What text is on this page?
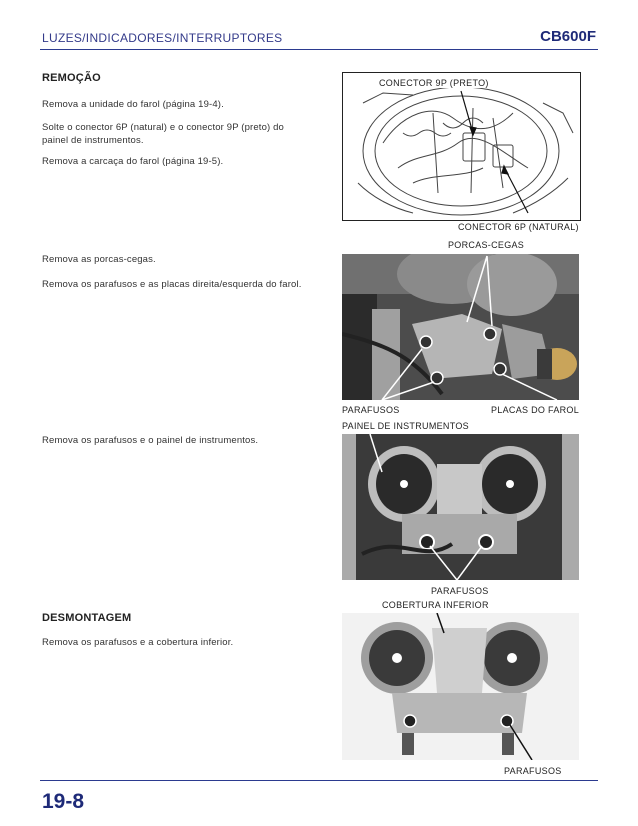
LUZES/INDICADORES/INTERRUPTORES	CB600F
REMOÇÃO
Remova a unidade do farol (página 19-4).
Solte o conector 6P (natural) e o conector 9P (preto) do painel de instrumentos.
Remova a carcaça do farol (página 19-5).
Remova as porcas-cegas.
Remova os parafusos e as placas direita/esquerda do farol.
Remova os parafusos e o painel de instrumentos.
DESMONTAGEM
Remova os parafusos e a cobertura inferior.
CONECTOR 9P (PRETO)
CONECTOR 6P (NATURAL)
PORCAS-CEGAS
PARAFUSOS	PLACAS DO FAROL
PAINEL DE INSTRUMENTOS
PARAFUSOS
COBERTURA INFERIOR
PARAFUSOS
19-8
